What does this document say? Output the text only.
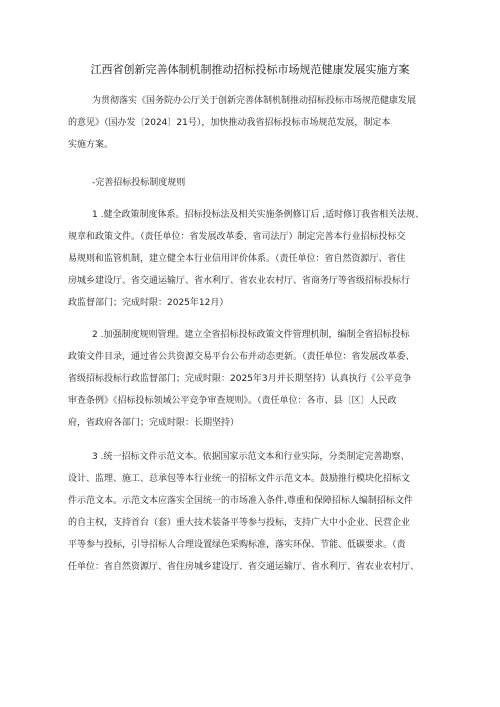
江西省创新完善体制机制推动招标投标市场规范健康发展实施方案
为贯彻落实《国务院办公厅关于创新完善体制机制推动招标投标市场规范健康发展
的意见》（国办发〔2024〕21号），加快推动我省招标投标市场规范发展，制定本
实施方案。
-完善招标投标制度规则
1 .健全政策制度体系。招标投标法及相关实施条例修订后 ,适时修订我省相关法规、
规章和政策文件。（责任单位：省发展改革委、省司法厅）制定完善本行业招标投标交
易规则和监管机制，建立健全本行业信用评价体系。（责任单位：省自然资源厅、省住
房城乡建设厅、省交通运输厅、省水利厅、省农业农村厅、省商务厅等省级招标投标行
政监督部门；完成时限：2025年12月）
2 .加强制度规则管理。建立全省招标投标政策文件管理机制，编制全省招标投标
政策文件目录，通过省公共资源交易平台公布并动态更新。（责任单位：省发展改革委、
省级招标投标行政监督部门；完成时限：2025年3月并长期坚持）认真执行《公平竞争
审查条例》《招标投标领域公平竞争审查规则》。（责任单位：各市、县〔区〕人民政
府，省政府各部门；完成时限：长期坚持）
3 .统一招标文件示范文本。依据国家示范文本和行业实际，分类制定完善勘察、
设计、监理、施工、总承包等本行业统一的招标文件示范文本。鼓励推行模块化招标文
件示范文本。示范文本应落实全国统一的市场准入条件,尊重和保障招标人编制招标文件
的自主权，支持首台（套）重大技术装备平等参与投标，支持广大中小企业、民营企业
平等参与投标，引导招标人合理设置绿色采购标准，落实环保、节能、低碳要求。（责
任单位：省自然资源厅、省住房城乡建设厅、省交通运输厅、省水利厅、省农业农村厅、
